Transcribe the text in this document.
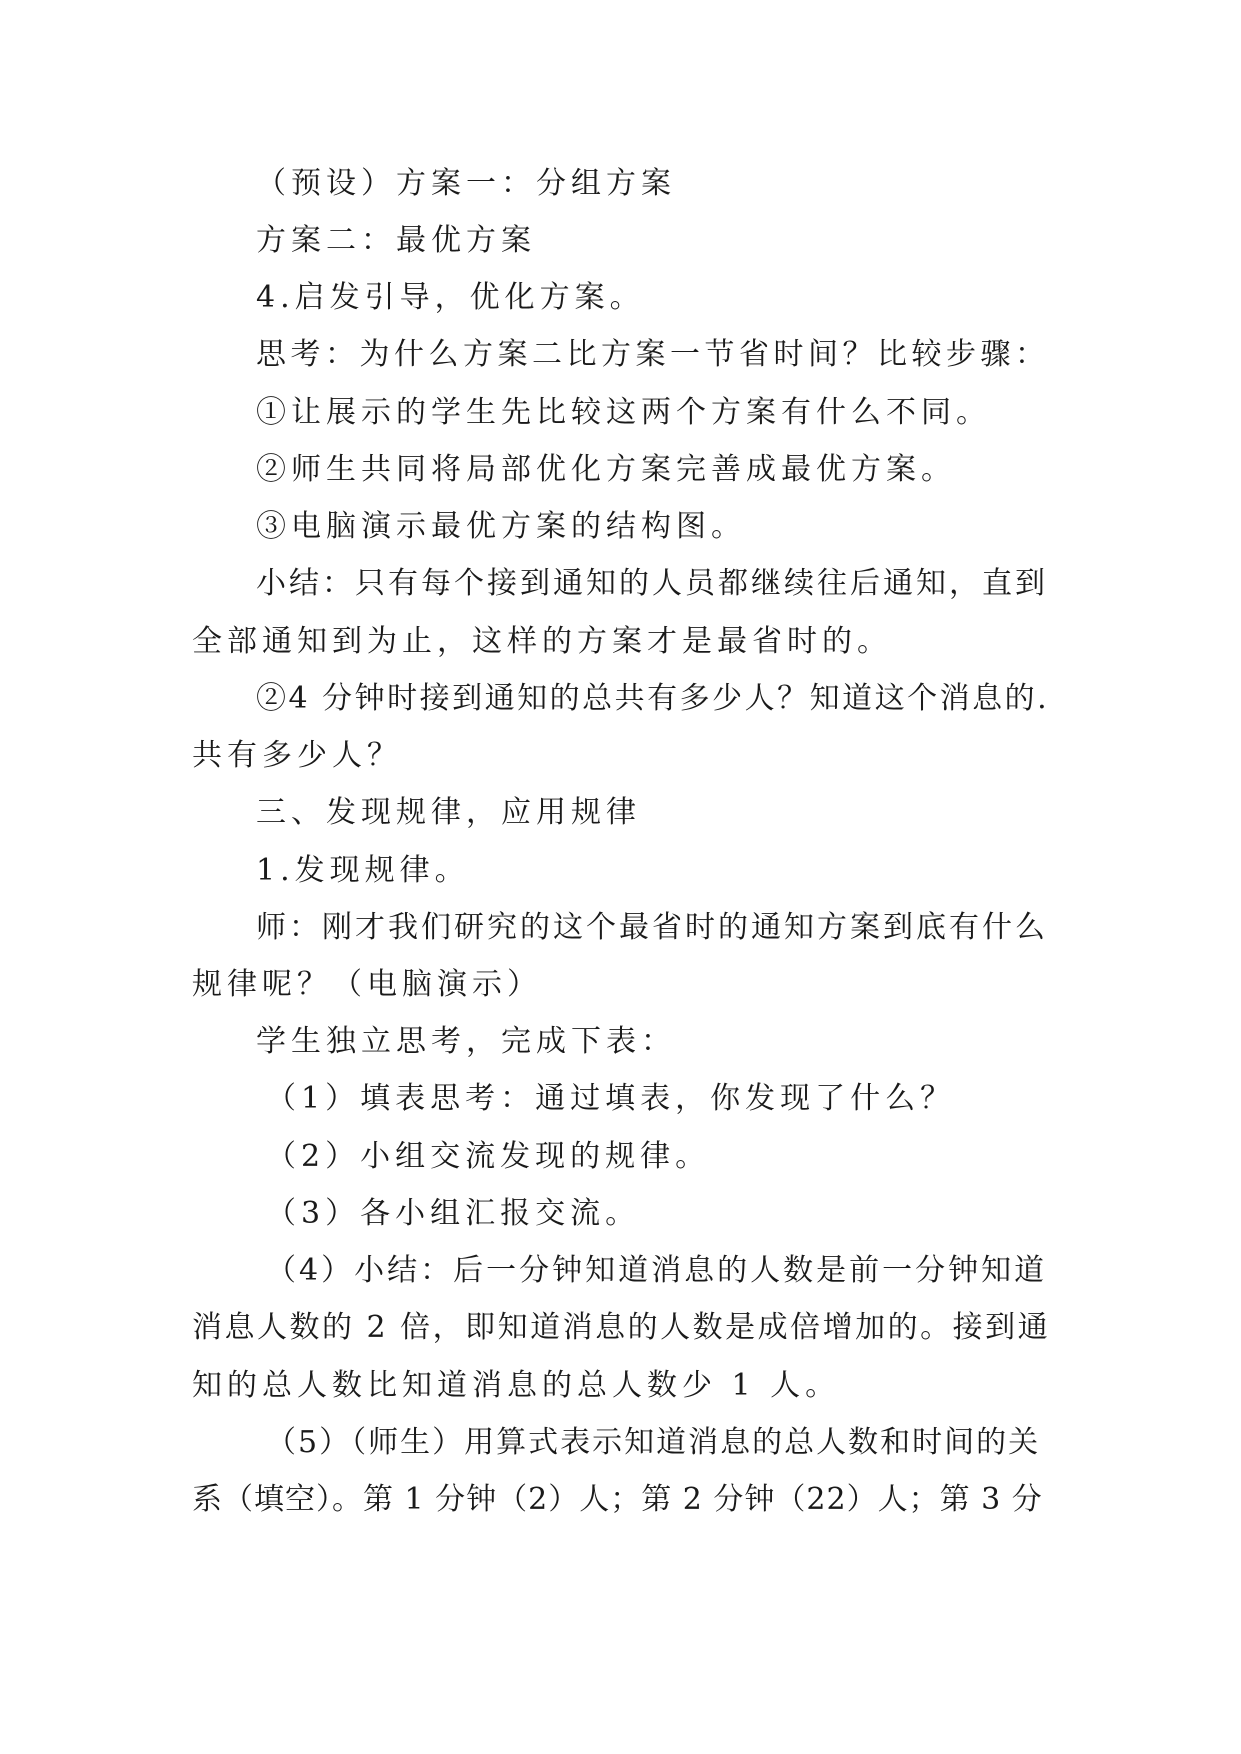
（预设）方案一：分组方案
方案二：最优方案
4.启发引导，优化方案。
思考：为什么方案二比方案一节省时间？比较步骤：
①让展示的学生先比较这两个方案有什么不同。
②师生共同将局部优化方案完善成最优方案。
③电脑演示最优方案的结构图。
小结：只有每个接到通知的人员都继续往后通知，直到
全部通知到为止，这样的方案才是最省时的。
②4 分钟时接到通知的总共有多少人？知道这个消息的.
共有多少人？
三、发现规律，应用规律
1.发现规律。
师：刚才我们研究的这个最省时的通知方案到底有什么
规律呢？（电脑演示）
学生独立思考，完成下表：
（1）填表思考：通过填表，你发现了什么？
（2）小组交流发现的规律。
（3）各小组汇报交流。
（4）小结：后一分钟知道消息的人数是前一分钟知道
消息人数的 2 倍，即知道消息的人数是成倍增加的。接到通
知的总人数比知道消息的总人数少 1 人。
（5）（师生）用算式表示知道消息的总人数和时间的关
系（填空）。第 1 分钟（2）人；第 2 分钟（22）人；第 3 分
